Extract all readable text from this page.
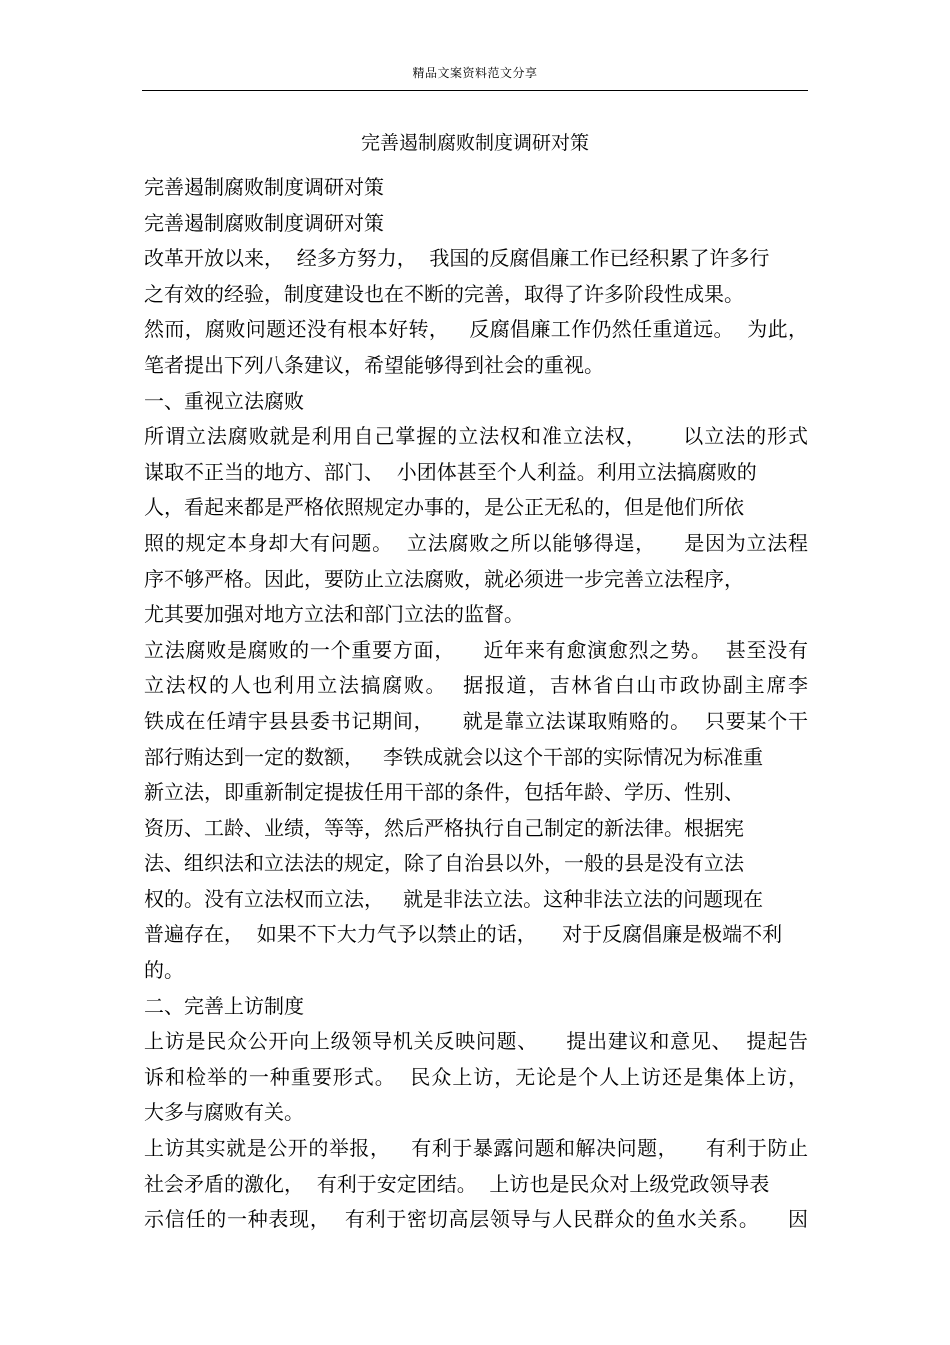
精品文案资料范文分享
完善遏制腐败制度调研对策
完善遏制腐败制度调研对策
完善遏制腐败制度调研对策
改革开放以来，  经多方努力，  我国的反腐倡廉工作已经积累了许多行
之有效的经验，制度建设也在不断的完善，取得了许多阶段性成果。
然而，腐败问题还没有根本好转，   反腐倡廉工作仍然任重道远。  为此，
笔者提出下列八条建议，希望能够得到社会的重视。
一、重视立法腐败
所谓立法腐败就是利用自己掌握的立法权和准立法权，     以立法的形式
谋取不正当的地方、部门、  小团体甚至个人利益。利用立法搞腐败的
人，看起来都是严格依照规定办事的，是公正无私的，但是他们所依
照的规定本身却大有问题。  立法腐败之所以能够得逞，    是因为立法程
序不够严格。因此，要防止立法腐败，就必须进一步完善立法程序，
尤其要加强对地方立法和部门立法的监督。
立法腐败是腐败的一个重要方面，    近年来有愈演愈烈之势。  甚至没有
立法权的人也利用立法搞腐败。  据报道，吉林省白山市政协副主席李
铁成在任靖宇县县委书记期间，    就是靠立法谋取贿赂的。  只要某个干
部行贿达到一定的数额，   李铁成就会以这个干部的实际情况为标准重
新立法，即重新制定提拔任用干部的条件，包括年龄、学历、性别、
资历、工龄、业绩，等等，然后严格执行自己制定的新法律。根据宪
法、组织法和立法法的规定，除了自治县以外，一般的县是没有立法
权的。没有立法权而立法，   就是非法立法。这种非法立法的问题现在
普遍存在，  如果不下大力气予以禁止的话，    对于反腐倡廉是极端不利
的。
二、完善上访制度
上访是民众公开向上级领导机关反映问题、    提出建议和意见、  提起告
诉和检举的一种重要形式。  民众上访，无论是个人上访还是集体上访，
大多与腐败有关。
上访其实就是公开的举报，   有利于暴露问题和解决问题，    有利于防止
社会矛盾的激化，  有利于安定团结。  上访也是民众对上级党政领导表
示信任的一种表现，  有利于密切高层领导与人民群众的鱼水关系。    因
